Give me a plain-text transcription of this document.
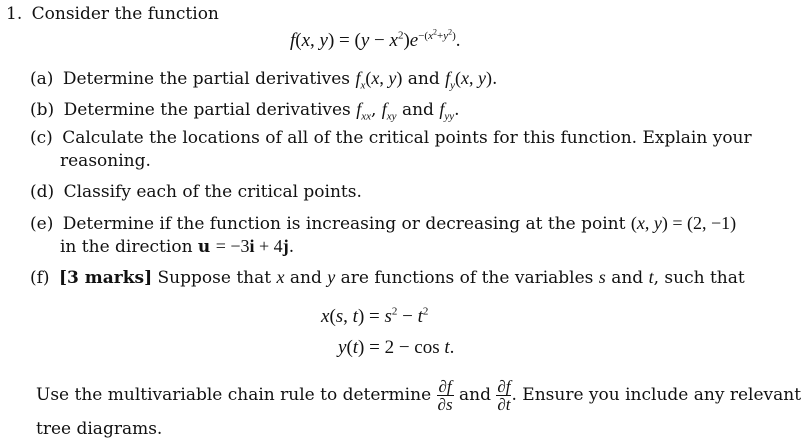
1. Consider the function
f(x, $y) = (y - x^2)e^{-(x^2+y^2)}$.
(a) Determine the partial derivatives $f_x(x$, y) and $f_y(x$, y).
(b) Determine the partial derivatives $f_{xx}$, $f_{xy}$ and $f_{yy}$.
(c) Calculate the locations of all of the critical points for this function. Explain your
reasoning.
(d) Classify each of the critical points.
(e) Determine if the function is increasing or decreasing at the point (x, y) = (2, −1)
in the direction u = −3i + 4j.
(f) [3 marks] Suppose that x and y are functions of the variables s and t, such that
x(s, $t) = s^2 - t^2$
y(t) = 2 − cos t.
Use the multivariable chain rule to determine $\frac{\partial f}{\partial s}$ and $\frac{\partial f}{\partial t}$ . Ensure you include any relevant
tree diagrams.
